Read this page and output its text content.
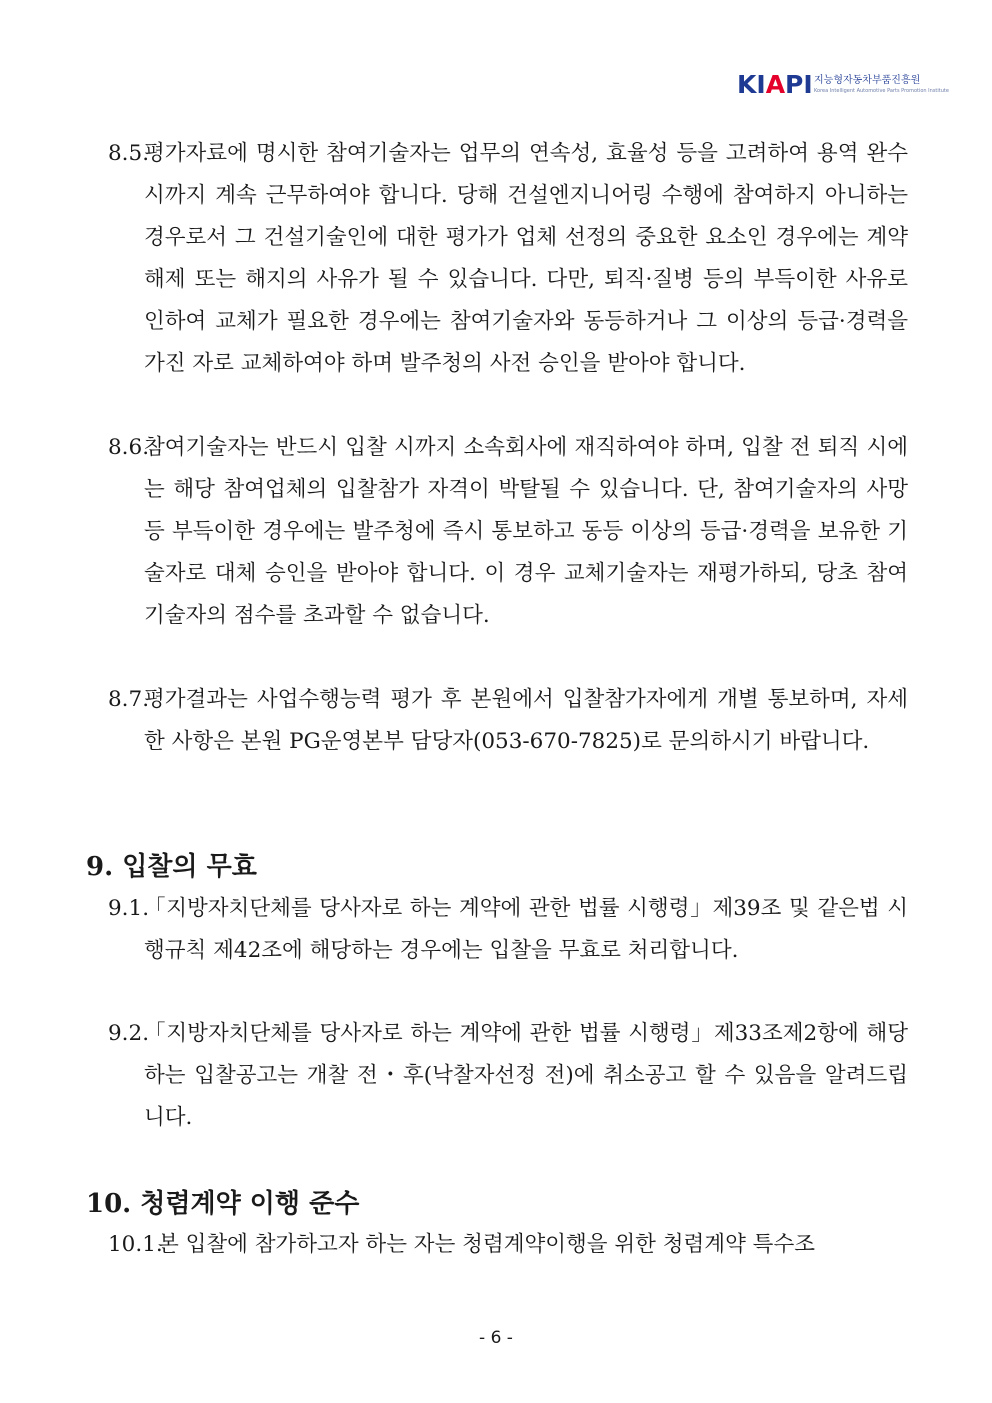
KIAPI 지능형자동차부품진흥원
Korea Intelligent Automotive Parts Promotion Institute
8.5.
평가자료에 명시한 참여기술자는 업무의 연속성, 효율성 등을 고려하여 용역 완수 시까지 계속 근무하여야 합니다. 당해 건설엔지니어링 수행에 참여하지 아니하는 경우로서 그 건설기술인에 대한 평가가 업체 선정의 중요한 요소인 경우에는 계약해제 또는 해지의 사유가 될 수 있습니다. 다만, 퇴직·질병 등의 부득이한 사유로 인하여 교체가 필요한 경우에는 참여기술자와 동등하거나 그 이상의 등급·경력을 가진 자로 교체하여야 하며 발주청의 사전 승인을 받아야 합니다.
8.6.
참여기술자는 반드시 입찰 시까지 소속회사에 재직하여야 하며, 입찰 전 퇴직 시에는 해당 참여업체의 입찰참가 자격이 박탈될 수 있습니다. 단, 참여기술자의 사망 등 부득이한 경우에는 발주청에 즉시 통보하고 동등 이상의 등급·경력을 보유한 기술자로 대체 승인을 받아야 합니다. 이 경우 교체기술자는 재평가하되, 당초 참여기술자의 점수를 초과할 수 없습니다.
8.7.
평가결과는 사업수행능력 평가 후 본원에서 입찰참가자에게 개별 통보하며, 자세한 사항은 본원 PG운영본부 담당자(053-670-7825)로 문의하시기 바랍니다.
9. 입찰의 무효
9.1.
「지방자치단체를 당사자로 하는 계약에 관한 법률 시행령」제39조 및 같은법 시행규칙 제42조에 해당하는 경우에는 입찰을 무효로 처리합니다.
9.2.
「지방자치단체를 당사자로 하는 계약에 관한 법률 시행령」제33조제2항에 해당하는 입찰공고는 개찰 전・후(낙찰자선정 전)에 취소공고 할 수 있음을 알려드립니다.
10. 청렴계약 이행 준수
10.1.
본 입찰에 참가하고자 하는 자는 청렴계약이행을 위한 청렴계약 특수조
- 6 -
